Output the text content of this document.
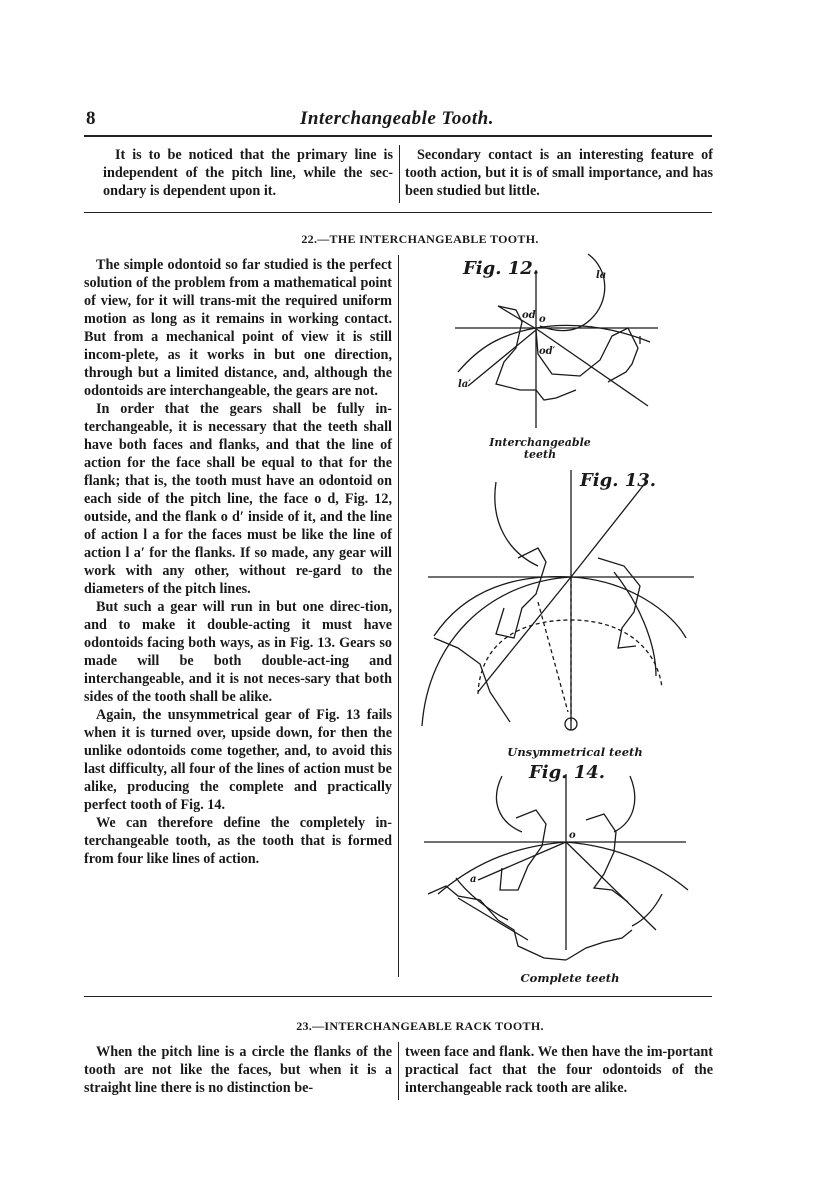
8	Interchangeable Tooth.
It is to be noticed that the primary line is independent of the pitch line, while the sec-ondary is dependent upon it.
Secondary contact is an interesting feature of tooth action, but it is of small importance, and has been studied but little.
22.—THE INTERCHANGEABLE TOOTH.

The simple odontoid so far studied is the perfect solution of the problem from a mathematical point of view, for it will trans-mit the required uniform motion as long as it remains in working contact. But from a mechanical point of view it is still incom-plete, as it works in but one direction, through but a limited distance, and, although the odontoids are interchangeable, the gears are not.

In order that the gears shall be fully in-terchangeable, it is necessary that the teeth shall have both faces and flanks, and that the line of action for the face shall be equal to that for the flank; that is, the tooth must have an odontoid on each side of the pitch line, the face o d, Fig. 12, outside, and the flank o d′ inside of it, and the line of action l a for the faces must be like the line of action l a′ for the flanks. If so made, any gear will work with any other, without re-gard to the diameters of the pitch lines.

But such a gear will run in but one direc-tion, and to make it double-acting it must have odontoids facing both ways, as in Fig. 13. Gears so made will be both double-act-ing and interchangeable, and it is not neces-sary that both sides of the tooth shall be alike.

Again, the unsymmetrical gear of Fig. 13 fails when it is turned over, upside down, for then the unlike odontoids come together, and, to avoid this last difficulty, all four of the lines of action must be alike, producing the complete and practically perfect tooth of Fig. 14.

We can therefore define the completely in-terchangeable tooth, as the tooth that is formed from four like lines of action.

Fig. 12.
od o
od′
la
la′
Interchangeable
teeth
Fig. 13.
Unsymmetrical teeth
Fig. 14.
o
a
Complete teeth
23.—INTERCHANGEABLE RACK TOOTH.
When the pitch line is a circle the flanks of the tooth are not like the faces, but when it is a straight line there is no distinction be-
tween face and flank. We then have the im-portant practical fact that the four odontoids of the interchangeable rack tooth are alike.
